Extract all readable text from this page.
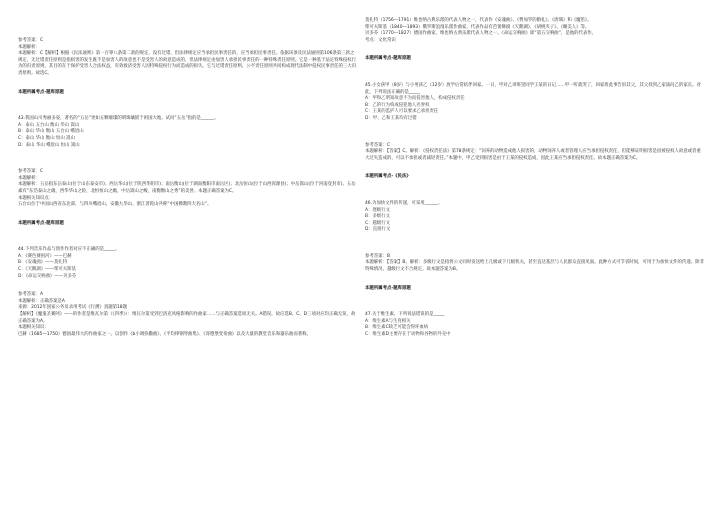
参考答案：C

本题解析：

本题解析：C【解析】根据《民法通则》第一百零八条第二款的规定，没有过错，但法律规定应当承担民事责任的，应当承担民事责任。依据该条及民法通则第106条第三款之规定，无过错责任原则是指损害的发生既不是加害人的故意也不是受害人的故意造成的，但法律规定由加害人承担民事责任的一种特殊责任原则，它是一种基于法定特殊侵权行为的归责原则，其目的在于保护受害人合法权益，有效救济受害人因特殊侵权行为而造成的损失。它与过错责任原则、公平责任原则共同构成现代法制中侵权民事责任的三大归责原则。故选C。

本题所属考点-题库原题

43.我国山川秀丽多姿，著名的“五岳”更如五颗璀璨的明珠镶嵌于祖国大地。试问“五岳”指的是______。

A：泰山 五台山 衡山 华山 嵩山

B：泰山 华山 衡山 五台山 峨眉山

C：泰山 华山 衡山 恒山 嵩山

D：泰山 华山 峨眉山 恒山 嵩山

参考答案：C

本题解析：

本题解析：五岳指东岳泰山(位于山东泰安市)；西岳华山(位于陕西华阴市)；南岳衡山(位于湖南衡阳市南岳区)；北岳恒山(位于山西浑源县)；中岳嵩山(位于河南登封市)。五岳素有“东岱泰山之雄，西华华山之险，北恒恒山之幽，中岳嵩山之峻，南衡衡山之秀”的美誉。本题正确答案为C。

本题相关知识点：

五台山位于中国山西省东北部，与四川峨眉山、安徽九华山、浙江普陀山共称“中国佛教四大名山”。

本题所属考点-题库原题

44.下列音乐作品与创作作者对应不正确的是_____。

A：《赛色赛困河》——巴赫

B：《安魂曲》——莫扎特

C：《天鹅湖》——柴可夫斯基

D：《命运交响曲》——贝多芬

参考答案：A

本题解析：正确答案是A

来源：2012年国家公务员录用考试《行测》真题第18题

【解析】《魔鬼圣赛阿》——的作者是维瓦尔第（《四季》）：维瓦尔第受到巴洛克风格影响的作曲家……与正确答案选项无关。A错误，故应选B、C、D三项对应均正确无误，故正确答案为A。

本题相关知识：

巴赫（1685—1750）德国最伟大的作曲家之一。以创作《b小调弥撒曲》、《平均律钢琴曲集》、《哥德堡变奏曲》以及大量的教堂音乐和器乐曲而著称。

莫扎特（1756—1791）维也纳古典乐派的代表人物之一，代表作《安魂曲》、《费加罗的婚礼》、《唐璜》和《魔笛》。

柴可夫斯基（1840—1893）俄罗斯浪漫乐派作曲家，代表作品有芭蕾舞剧《天鹅湖》、《胡桃夹子》、《睡美人》等。

贝多芬（1770—1827）德国作曲家，维也纳古典乐派代表人物之一。《命运交响曲》即“第五交响曲”，是他的代表作。

考点：文化常识

本题所属考点-题库原题

45.小女孩甲（8岁）与小男孩乙（12岁）放学后常结伴回家。一日，甲对乙讲班里同学王某的日记……甲一听就哭了，回家将此事告诉其父，其父找到乙家质问乙的家长。对此，下列说法正确的是_____

A：甲和乙明知故意不为而侵害他人，构成侵权责任

B：乙的行为构成侵犯他人名誉权

C：王某的监护人可以要求乙承担责任

D：甲、乙和王某均有过错

参考答案：C

本题解析：【答案】C。解析：《侵权责任法》第78条规定：“饲养的动物造成他人损害的，动物饲养人或者管理人应当承担侵权责任，但能够证明损害是因被侵权人故意或者重大过失造成的，可以不承担或者减轻责任。”本题中，甲乙受到损害是由于王某的侵权造成，因此王某应当承担侵权责任。故本题正确答案为C。

本题所属考点-《民法》

46.为加快文件的传递，可采用______。

A：逐级行文

B：多级行文

C：越级行文

D：直接行文

参考答案：B

本题解析：【答案】B。解析：多级行文是指将公文同时发送给上几级或下几级机关，甚至直达基层与人民群众直接见面。此种方式可节省时间，可用于为加快文件的传递。除非特殊情况，越级行文不合规定。故本题答案为B。

本题所属考点-题库原题

47.关于维生素，下列说法错误的是_____

A：维生素A与生育相关

B：维生素C缺乏可能会得坏血病

C：维生素D主要存在于动物和谷物的外壳中
